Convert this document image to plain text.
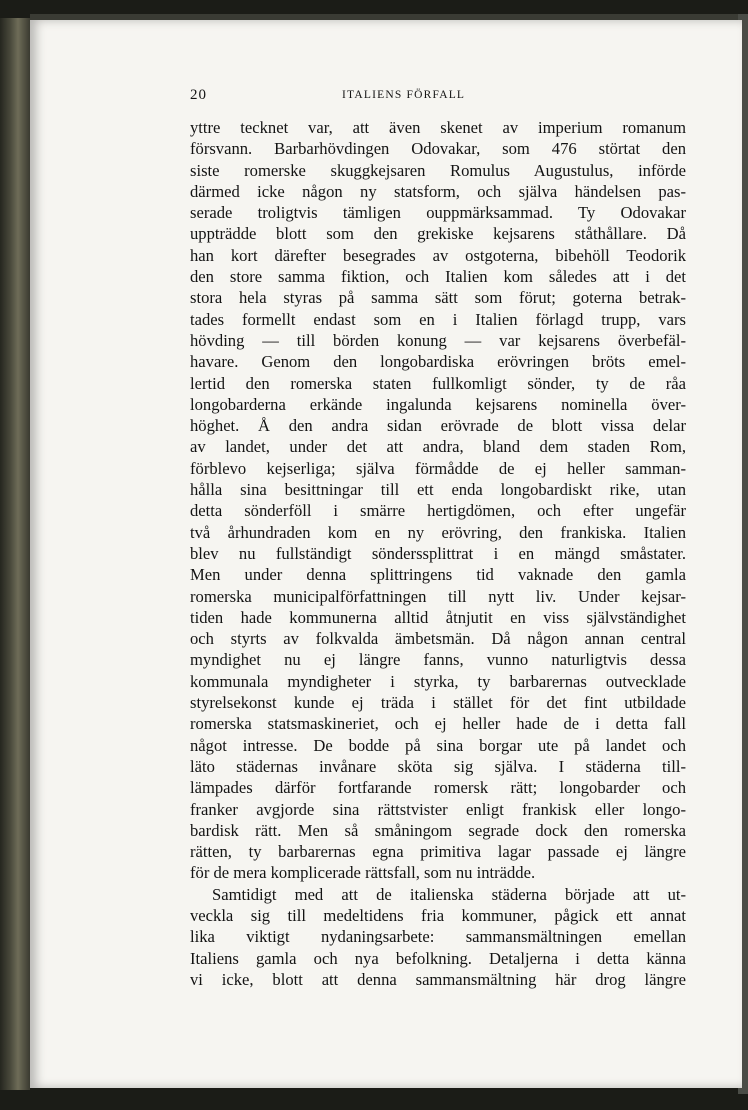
20	ITALIENS FÖRFALL
yttre tecknet var, att även skenet av imperium romanum
försvann. Barbarhövdingen Odovakar, som 476 störtat den
siste romerske skuggkejsaren Romulus Augustulus, införde
därmed icke någon ny statsform, och själva händelsen pas-
serade troligtvis tämligen ouppmärksammad. Ty Odovakar
uppträdde blott som den grekiske kejsarens ståthållare. Då
han kort därefter besegrades av ostgoterna, bibehöll Teodorik
den store samma fiktion, och Italien kom således att i det
stora hela styras på samma sätt som förut; goterna betrak-
tades formellt endast som en i Italien förlagd trupp, vars
hövding — till börden konung — var kejsarens överbefäl-
havare. Genom den longobardiska erövringen bröts emel-
lertid den romerska staten fullkomligt sönder, ty de råa
longobarderna erkände ingalunda kejsarens nominella över-
höghet. Å den andra sidan erövrade de blott vissa delar
av landet, under det att andra, bland dem staden Rom,
förblevo kejserliga; själva förmådde de ej heller samman-
hålla sina besittningar till ett enda longobardiskt rike, utan
detta sönderföll i smärre hertigdömen, och efter ungefär
två århundraden kom en ny erövring, den frankiska. Italien
blev nu fullständigt sönderssplittrat i en mängd småstater.
Men under denna splittringens tid vaknade den gamla
romerska municipalförfattningen till nytt liv. Under kejsar-
tiden hade kommunerna alltid åtnjutit en viss självständighet
och styrts av folkvalda ämbetsmän. Då någon annan central
myndighet nu ej längre fanns, vunno naturligtvis dessa
kommunala myndigheter i styrka, ty barbarernas outvecklade
styrelsekonst kunde ej träda i stället för det fint utbildade
romerska statsmaskineriet, och ej heller hade de i detta fall
något intresse. De bodde på sina borgar ute på landet och
läto städernas invånare sköta sig själva. I städerna till-
lämpades därför fortfarande romersk rätt; longobarder och
franker avgjorde sina rättstvister enligt frankisk eller longo-
bardisk rätt. Men så småningom segrade dock den romerska
rätten, ty barbarernas egna primitiva lagar passade ej längre
för de mera komplicerade rättsfall, som nu inträdde.
Samtidigt med att de italienska städerna började att ut-
veckla sig till medeltidens fria kommuner, pågick ett annat
lika viktigt nydaningsarbete: sammansmältningen emellan
Italiens gamla och nya befolkning. Detaljerna i detta känna
vi icke, blott att denna sammansmältning här drog längre
